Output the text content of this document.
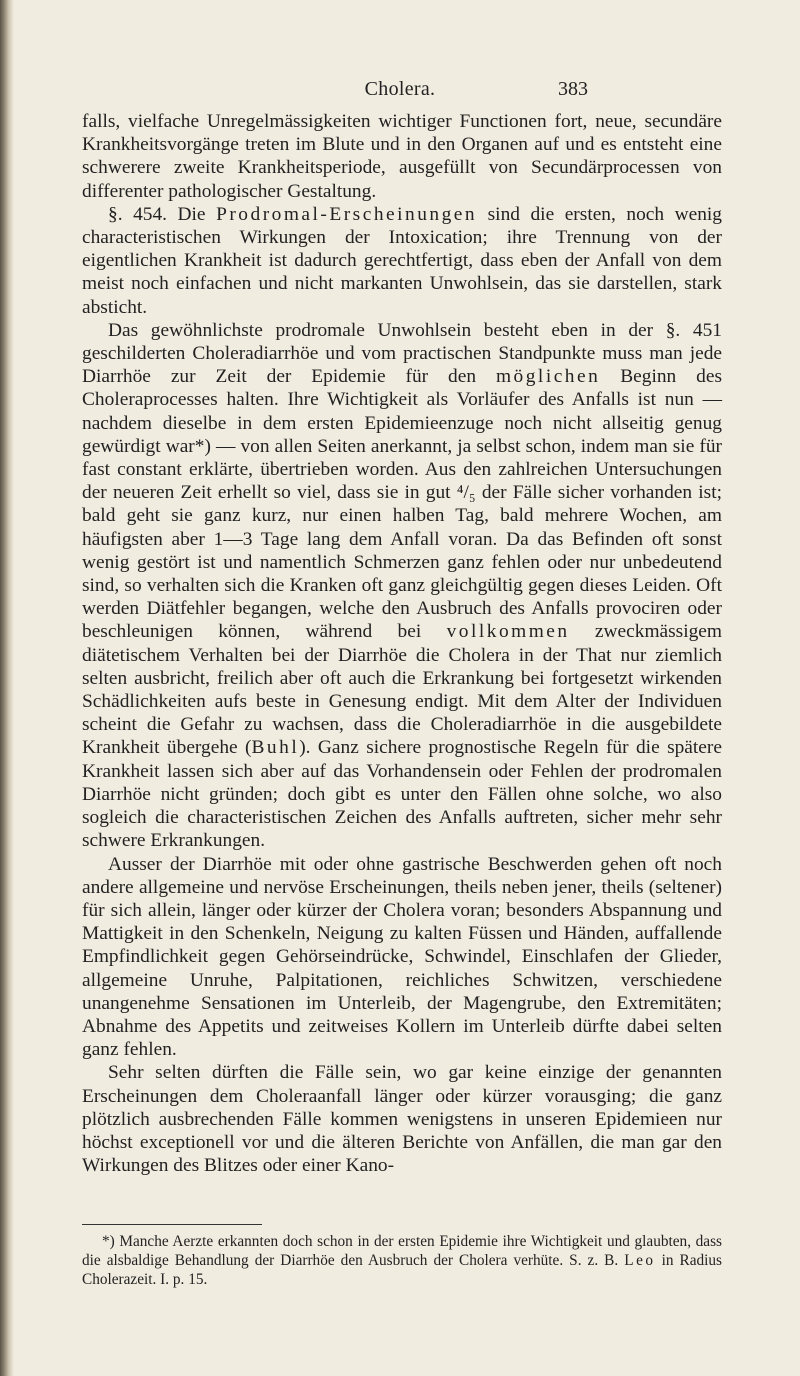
Cholera.	383

falls, vielfache Unregelmässigkeiten wichtiger Functionen fort, neue, secundäre Krankheitsvorgänge treten im Blute und in den Organen auf und es entsteht eine schwerere zweite Krankheitsperiode, ausgefüllt von Secundärprocessen von differenter pathologischer Gestaltung.

§. 454. Die Prodromal-Erscheinungen sind die ersten, noch wenig characteristischen Wirkungen der Intoxication; ihre Trennung von der eigentlichen Krankheit ist dadurch gerechtfertigt, dass eben der Anfall von dem meist noch einfachen und nicht markanten Unwohlsein, das sie darstellen, stark absticht.

Das gewöhnlichste prodromale Unwohlsein besteht eben in der §. 451 geschilderten Choleradiarrhöe und vom practischen Standpunkte muss man jede Diarrhöe zur Zeit der Epidemie für den möglichen Beginn des Choleraprocesses halten. Ihre Wichtigkeit als Vorläufer des Anfalls ist nun — nachdem dieselbe in dem ersten Epidemieenzuge noch nicht allseitig genug gewürdigt war*) — von allen Seiten anerkannt, ja selbst schon, indem man sie für fast constant erklärte, übertrieben worden. Aus den zahlreichen Untersuchungen der neueren Zeit erhellt so viel, dass sie in gut ⁴/₅ der Fälle sicher vorhanden ist; bald geht sie ganz kurz, nur einen halben Tag, bald mehrere Wochen, am häufigsten aber 1—3 Tage lang dem Anfall voran. Da das Befinden oft sonst wenig gestört ist und namentlich Schmerzen ganz fehlen oder nur unbedeutend sind, so verhalten sich die Kranken oft ganz gleichgültig gegen dieses Leiden. Oft werden Diätfehler begangen, welche den Ausbruch des Anfalls provociren oder beschleunigen können, während bei vollkommen zweckmässigem diätetischem Verhalten bei der Diarrhöe die Cholera in der That nur ziemlich selten ausbricht, freilich aber oft auch die Erkrankung bei fortgesetzt wirkenden Schädlichkeiten aufs beste in Genesung endigt. Mit dem Alter der Individuen scheint die Gefahr zu wachsen, dass die Choleradiarrhöe in die ausgebildete Krankheit übergehe (Buhl). Ganz sichere prognostische Regeln für die spätere Krankheit lassen sich aber auf das Vorhandensein oder Fehlen der prodromalen Diarrhöe nicht gründen; doch gibt es unter den Fällen ohne solche, wo also sogleich die characteristischen Zeichen des Anfalls auftreten, sicher mehr sehr schwere Erkrankungen.

Ausser der Diarrhöe mit oder ohne gastrische Beschwerden gehen oft noch andere allgemeine und nervöse Erscheinungen, theils neben jener, theils (seltener) für sich allein, länger oder kürzer der Cholera voran; besonders Abspannung und Mattigkeit in den Schenkeln, Neigung zu kalten Füssen und Händen, auffallende Empfindlichkeit gegen Gehörseindrücke, Schwindel, Einschlafen der Glieder, allgemeine Unruhe, Palpitationen, reichliches Schwitzen, verschiedene unangenehme Sensationen im Unterleib, der Magengrube, den Extremitäten; Abnahme des Appetits und zeitweises Kollern im Unterleib dürfte dabei selten ganz fehlen.

Sehr selten dürften die Fälle sein, wo gar keine einzige der genannten Erscheinungen dem Choleraanfall länger oder kürzer vorausging; die ganz plötzlich ausbrechenden Fälle kommen wenigstens in unseren Epidemieen nur höchst exceptionell vor und die älteren Berichte von Anfällen, die man gar den Wirkungen des Blitzes oder einer Kano-

*) Manche Aerzte erkannten doch schon in der ersten Epidemie ihre Wichtigkeit und glaubten, dass die alsbaldige Behandlung der Diarrhöe den Ausbruch der Cholera verhüte. S. z. B. Leo in Radius Cholerazeit. I. p. 15.
